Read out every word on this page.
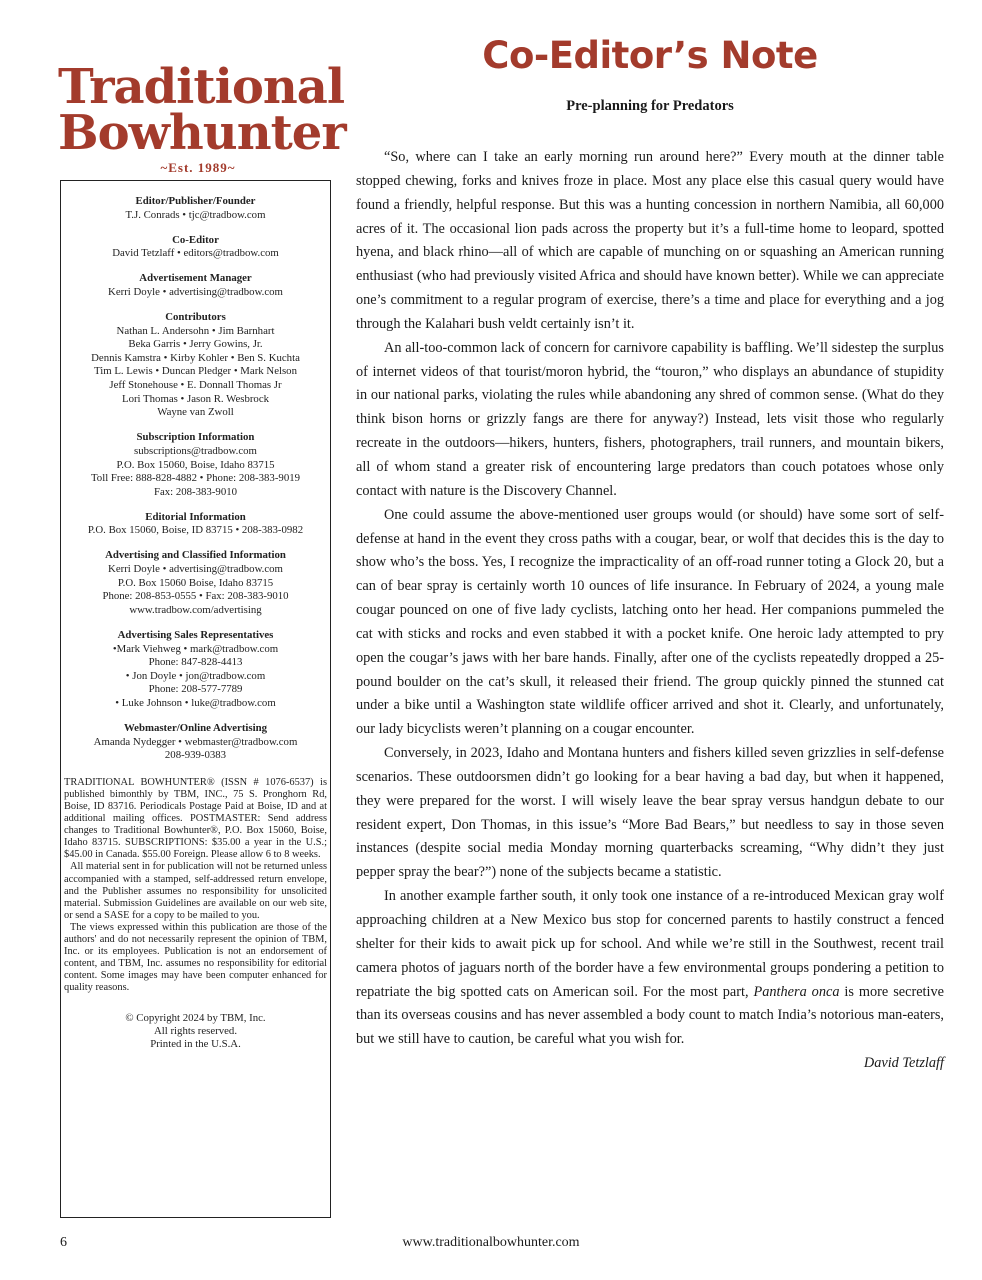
Traditional
Bowhunter
~Est. 1989~
Editor/Publisher/Founder
T.J. Conrads • tjc@tradbow.com
Co-Editor
David Tetzlaff • editors@tradbow.com
Advertisement Manager
Kerri Doyle • advertising@tradbow.com
Contributors
Nathan L. Andersohn • Jim Barnhart
Beka Garris • Jerry Gowins, Jr.
Dennis Kamstra • Kirby Kohler • Ben S. Kuchta
Tim L. Lewis • Duncan Pledger • Mark Nelson
Jeff Stonehouse • E. Donnall Thomas Jr
Lori Thomas • Jason R. Wesbrock
Wayne van Zwoll
Subscription Information
subscriptions@tradbow.com
P.O. Box 15060, Boise, Idaho 83715
Toll Free: 888-828-4882 • Phone: 208-383-9019
Fax: 208-383-9010
Editorial Information
P.O. Box 15060, Boise, ID 83715 • 208-383-0982
Advertising and Classified Information
Kerri Doyle • advertising@tradbow.com
P.O. Box 15060 Boise, Idaho 83715
Phone: 208-853-0555 • Fax: 208-383-9010
www.tradbow.com/advertising
Advertising Sales Representatives
•Mark Viehweg • mark@tradbow.com
Phone: 847-828-4413
• Jon Doyle • jon@tradbow.com
Phone: 208-577-7789
• Luke Johnson • luke@tradbow.com
Webmaster/Online Advertising
Amanda Nydegger • webmaster@tradbow.com
208-939-0383

TRADITIONAL BOWHUNTER® (ISSN # 1076-6537) is published bimonthly by TBM, INC., 75 S. Pronghorn Rd, Boise, ID 83716. Periodicals Postage Paid at Boise, ID and at additional mailing offices. POSTMASTER: Send address changes to Traditional Bowhunter®, P.O. Box 15060, Boise, Idaho 83715. SUBSCRIPTIONS: $35.00 a year in the U.S.; $45.00 in Canada. $55.00 Foreign. Please allow 6 to 8 weeks.

All material sent in for publication will not be returned unless accompanied with a stamped, self-addressed return envelope, and the Publisher assumes no responsibility for unsolicited material. Submission Guidelines are available on our web site, or send a SASE for a copy to be mailed to you.

The views expressed within this publication are those of the authors' and do not necessarily represent the opinion of TBM, Inc. or its employees. Publication is not an endorsement of content, and TBM, Inc. assumes no responsibility for editorial content. Some images may have been computer enhanced for quality reasons.

© Copyright 2024 by TBM, Inc.
All rights reserved.
Printed in the U.S.A.
Co-Editor’s Note
Pre-planning for Predators

“So, where can I take an early morning run around here?” Every mouth at the dinner table stopped chewing, forks and knives froze in place. Most any place else this casual query would have found a friendly, helpful response. But this was a hunting concession in northern Namibia, all 60,000 acres of it. The occasional lion pads across the property but it’s a full-time home to leopard, spotted hyena, and black rhino—all of which are capable of munching on or squashing an American running enthusiast (who had previously visited Africa and should have known better). While we can appreciate one’s commitment to a regular program of exercise, there’s a time and place for everything and a jog through the Kalahari bush veldt certainly isn’t it.

An all-too-common lack of concern for carnivore capability is baffling. We’ll sidestep the surplus of internet videos of that tourist/moron hybrid, the “touron,” who displays an abundance of stupidity in our national parks, violating the rules while abandoning any shred of common sense. (What do they think bison horns or grizzly fangs are there for anyway?) Instead, lets visit those who regularly recreate in the outdoors—hikers, hunters, fishers, photographers, trail runners, and mountain bikers, all of whom stand a greater risk of encountering large predators than couch potatoes whose only contact with nature is the Discovery Channel.

One could assume the above-mentioned user groups would (or should) have some sort of self-defense at hand in the event they cross paths with a cougar, bear, or wolf that decides this is the day to show who’s the boss. Yes, I recognize the impracticality of an off-road runner toting a Glock 20, but a can of bear spray is certainly worth 10 ounces of life insurance. In February of 2024, a young male cougar pounced on one of five lady cyclists, latching onto her head. Her companions pummeled the cat with sticks and rocks and even stabbed it with a pocket knife. One heroic lady attempted to pry open the cougar’s jaws with her bare hands. Finally, after one of the cyclists repeatedly dropped a 25-pound boulder on the cat’s skull, it released their friend. The group quickly pinned the stunned cat under a bike until a Washington state wildlife officer arrived and shot it. Clearly, and unfortunately, our lady bicyclists weren’t planning on a cougar encounter.

Conversely, in 2023, Idaho and Montana hunters and fishers killed seven grizzlies in self-defense scenarios. These outdoorsmen didn’t go looking for a bear having a bad day, but when it happened, they were prepared for the worst. I will wisely leave the bear spray versus handgun debate to our resident expert, Don Thomas, in this issue’s “More Bad Bears,” but needless to say in those seven instances (despite social media Monday morning quarterbacks screaming, “Why didn’t they just pepper spray the bear?”) none of the subjects became a statistic.

In another example farther south, it only took one instance of a re-introduced Mexican gray wolf approaching children at a New Mexico bus stop for concerned parents to hastily construct a fenced shelter for their kids to await pick up for school. And while we’re still in the Southwest, recent trail camera photos of jaguars north of the border have a few environmental groups pondering a petition to repatriate the big spotted cats on American soil. For the most part, Panthera onca is more secretive than its overseas cousins and has never assembled a body count to match India’s notorious man-eaters, but we still have to caution, be careful what you wish for.

David Tetzlaff
6	www.traditionalbowhunter.com
